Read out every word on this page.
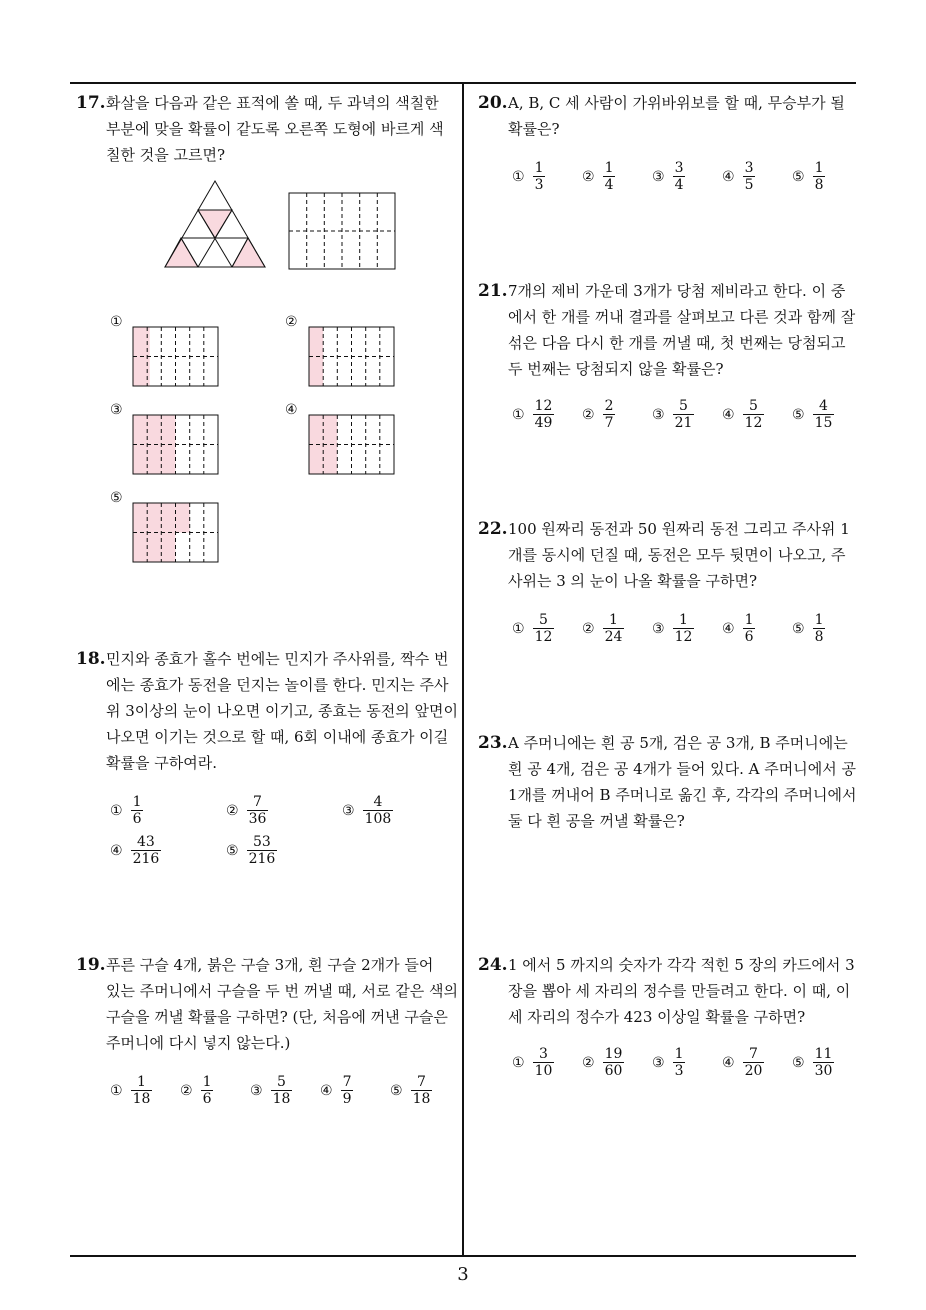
17. 화살을 다음과 같은 표적에 쏠 때, 두 과녁의 색칠한
부분에 맞을 확률이 같도록 오른쪽 도형에 바르게 색
칠한 것을 고르면?
①	②
③	④
⑤
18. 민지와 종효가 홀수 번에는 민지가 주사위를, 짝수 번
에는 종효가 동전을 던지는 놀이를 한다. 민지는 주사
위 3이상의 눈이 나오면 이기고, 종효는 동전의 앞면이
나오면 이기는 것으로 할 때, 6회 이내에 종효가 이길
확률을 구하여라.
① $\frac{1}{6}$	② $\frac{7}{36}$	③ $\frac{4}{108}$
④ $\frac{43}{216}$	⑤ $\frac{53}{216}$
19. 푸른 구슬 4개, 붉은 구슬 3개, 흰 구슬 2개가 들어
있는 주머니에서 구슬을 두 번 꺼낼 때, 서로 같은 색의
구슬을 꺼낼 확률을 구하면? (단, 처음에 꺼낸 구슬은
주머니에 다시 넣지 않는다.)
① $\frac{1}{18}$ ② $\frac{1}{6}$	③ $\frac{5}{18}$ ④ $\frac{7}{9}$	⑤ $\frac{7}{18}$
20. A, B, C 세 사람이 가위바위보를 할 때, 무승부가 될
확률은?
① $\frac{1}{3}$	② $\frac{1}{4}$	③ $\frac{3}{4}$	④ $\frac{3}{5}$	⑤ $\frac{1}{8}$
21. 7개의 제비 가운데 3개가 당첨 제비라고 한다. 이 중
에서 한 개를 꺼내 결과를 살펴보고 다른 것과 함께 잘
섞은 다음 다시 한 개를 꺼낼 때, 첫 번째는 당첨되고
두 번째는 당첨되지 않을 확률은?
① $\frac{12}{49}$ ② $\frac{2}{7}$	③ $\frac{5}{21}$ ④ $\frac{5}{12}$ ⑤ $\frac{4}{15}$
22. 100 원짜리 동전과 50 원짜리 동전 그리고 주사위 1
개를 동시에 던질 때, 동전은 모두 뒷면이 나오고, 주
사위는 3 의 눈이 나올 확률을 구하면?
① $\frac{5}{12}$ ② $\frac{1}{24}$ ③ $\frac{1}{12}$ ④ $\frac{1}{6}$	⑤ $\frac{1}{8}$
23. A 주머니에는 흰 공 5개, 검은 공 3개, B 주머니에는
흰 공 4개, 검은 공 4개가 들어 있다. A 주머니에서 공
1개를 꺼내어 B 주머니로 옮긴 후, 각각의 주머니에서
둘 다 흰 공을 꺼낼 확률은?
24. 1 에서 5 까지의 숫자가 각각 적힌 5 장의 카드에서 3
장을 뽑아 세 자리의 정수를 만들려고 한다. 이 때, 이
세 자리의 정수가 423 이상일 확률을 구하면?
① $\frac{3}{10}$ ② $\frac{19}{60}$ ③ $\frac{1}{3}$	④ $\frac{7}{20}$ ⑤ $\frac{11}{30}$
3
